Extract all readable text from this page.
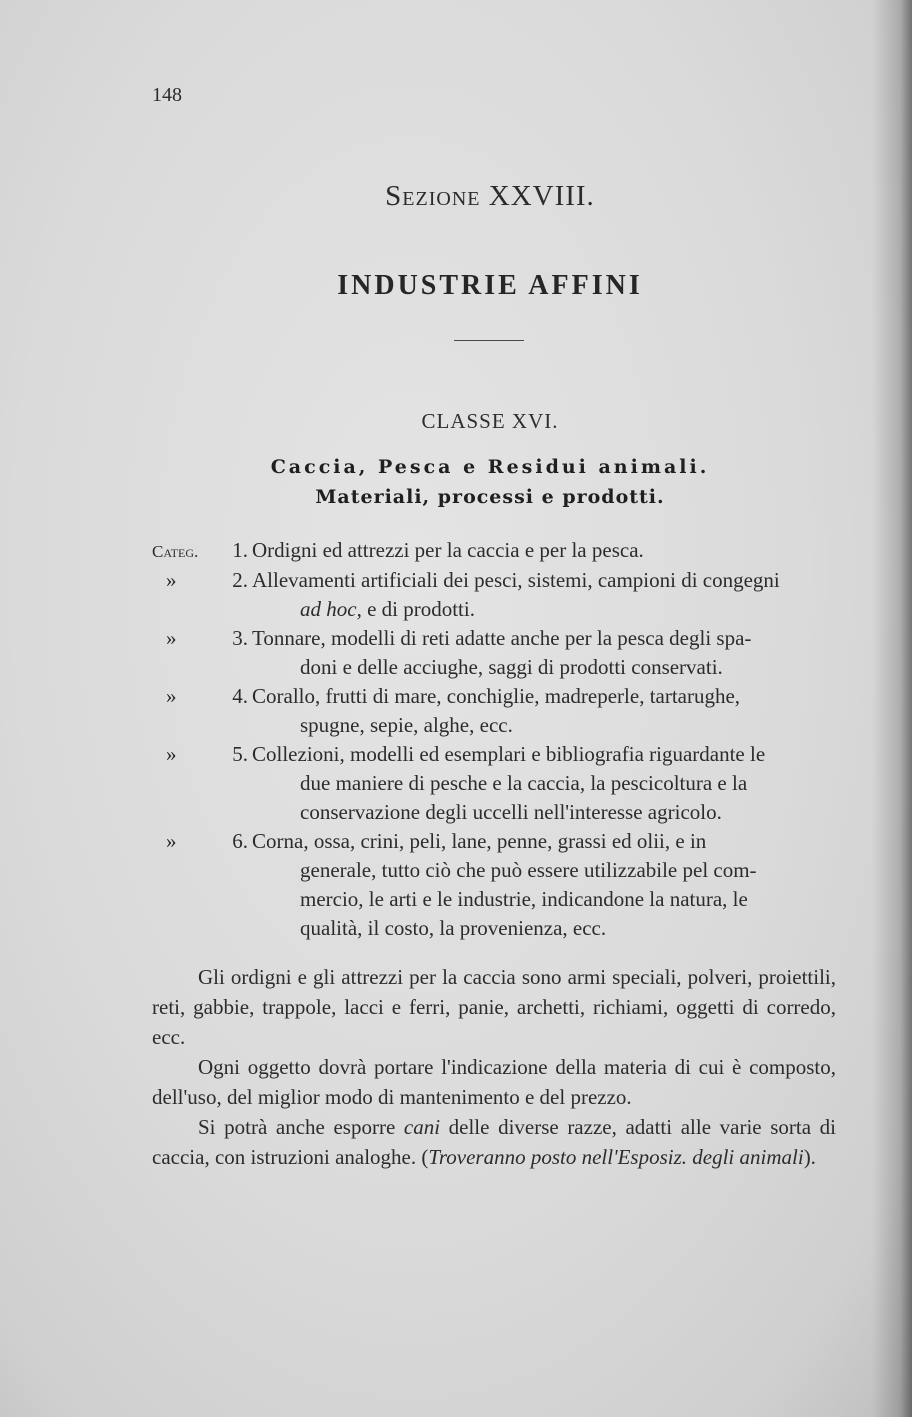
148
Sezione XXVIII.
INDUSTRIE AFFINI
CLASSE XVI.
Caccia, Pesca e Residui animali.
Materiali, processi e prodotti.
Categ.	1. Ordigni ed attrezzi per la caccia e per la pesca.
»	2. Allevamenti artificiali dei pesci, sistemi, campioni di congegni
ad hoc, e di prodotti.
»	3. Tonnare, modelli di reti adatte anche per la pesca degli spa-
doni e delle acciughe, saggi di prodotti conservati.
»	4. Corallo, frutti di mare, conchiglie, madreperle, tartarughe,
spugne, sepie, alghe, ecc.
»	5. Collezioni, modelli ed esemplari e bibliografia riguardante le
due maniere di pesche e la caccia, la pescicoltura e la
conservazione degli uccelli nell'interesse agricolo.
»	6. Corna, ossa, crini, peli, lane, penne, grassi ed olii, e in
generale, tutto ciò che può essere utilizzabile pel com-
mercio, le arti e le industrie, indicandone la natura, le
qualità, il costo, la provenienza, ecc.

Gli ordigni e gli attrezzi per la caccia sono armi speciali, polveri, proiettili, reti, gabbie, trappole, lacci e ferri, panie, archetti, richiami, oggetti di corredo, ecc.

Ogni oggetto dovrà portare l'indicazione della materia di cui è composto, dell'uso, del miglior modo di mantenimento e del prezzo.

Si potrà anche esporre cani delle diverse razze, adatti alle varie sorta di caccia, con istruzioni analoghe. (Troveranno posto nell'Esposiz. degli animali).
